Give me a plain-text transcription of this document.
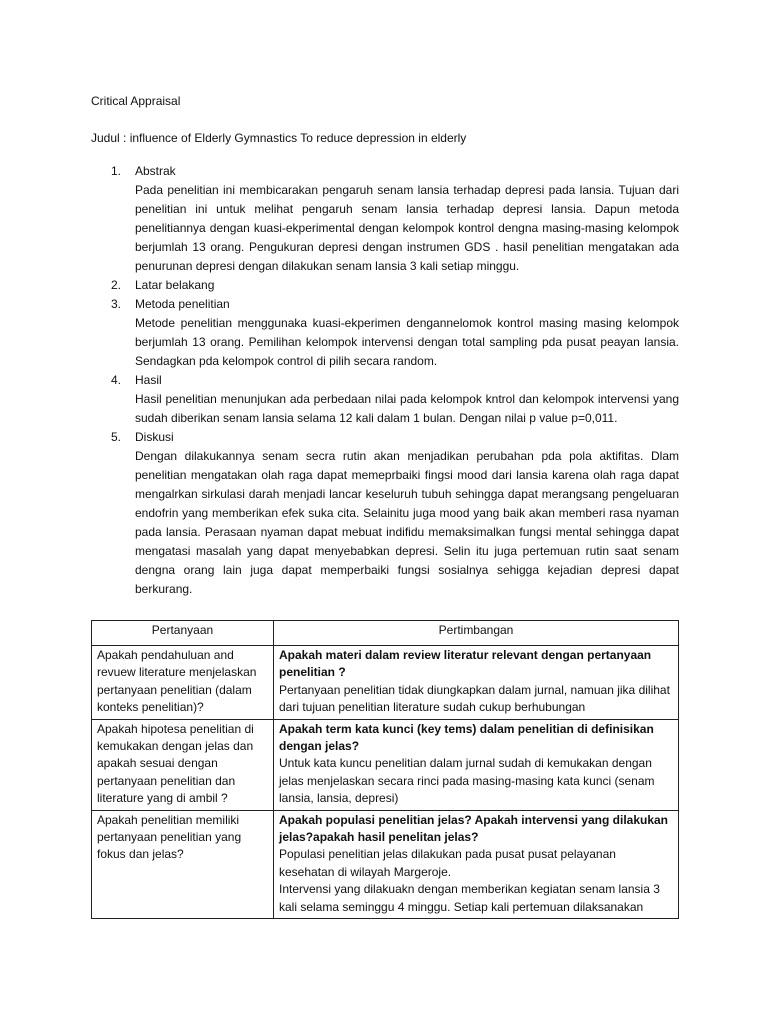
Critical Appraisal
Judul : influence of Elderly Gymnastics To reduce depression in elderly
1.	Abstrak
Pada penelitian ini membicarakan pengaruh senam lansia terhadap depresi pada lansia. Tujuan dari penelitian ini untuk melihat pengaruh senam lansia terhadap depresi lansia. Dapun metoda penelitiannya dengan kuasi-ekperimental dengan kelompok kontrol dengna masing-masing kelompok berjumlah 13 orang. Pengukuran depresi dengan instrumen GDS . hasil penelitian mengatakan ada penurunan depresi dengan dilakukan senam lansia 3 kali setiap minggu.
2.	Latar belakang
3.	Metoda penelitian
Metode penelitian menggunaka kuasi-ekperimen dengannelomok kontrol masing masing kelompok berjumlah 13 orang. Pemilihan kelompok intervensi dengan total sampling pda pusat peayan lansia. Sendagkan pda kelompok control di pilih secara random.
4.	Hasil
Hasil penelitian menunjukan ada perbedaan nilai pada kelompok kntrol dan kelompok intervensi yang sudah diberikan senam lansia selama 12 kali dalam 1 bulan. Dengan nilai p value p=0,011.
5.	Diskusi
Dengan dilakukannya senam secra rutin akan menjadikan perubahan pda pola aktifitas. Dlam penelitian mengatakan olah raga dapat memeprbaiki fingsi mood dari lansia karena olah raga dapat mengalrkan sirkulasi darah menjadi lancar keseluruh tubuh sehingga dapat merangsang pengeluaran endofrin yang memberikan efek suka cita. Selainitu juga mood yang baik akan memberi rasa nyaman pada lansia. Perasaan nyaman dapat mebuat indifidu memaksimalkan fungsi mental sehingga dapat mengatasi masalah yang dapat menyebabkan depresi. Selin itu juga pertemuan rutin saat senam dengna orang lain juga dapat memperbaiki fungsi sosialnya sehigga kejadian depresi dapat berkurang.
Pertanyaan	Pertimbangan
Apakah pendahuluan and revuew literature menjelaskan pertanyaan penelitian (dalam konteks penelitian)?	Apakah materi dalam review literatur relevant dengan pertanyaan penelitian ?
Pertanyaan penelitian tidak diungkapkan dalam jurnal, namuan jika dilihat dari tujuan penelitian literature sudah cukup berhubungan

Apakah hipotesa penelitian di kemukakan dengan jelas dan apakah sesuai dengan pertanyaan penelitian dan literature yang di ambil ?	Apakah term kata kunci (key tems) dalam penelitian di definisikan dengan jelas?
Untuk kata kuncu penelitian dalam jurnal sudah di kemukakan dengan jelas menjelaskan secara rinci pada masing-masing kata kunci (senam lansia, lansia, depresi)

Apakah penelitian memiliki pertanyaan penelitian yang fokus dan jelas?	Apakah populasi penelitian jelas? Apakah intervensi yang dilakukan jelas?apakah hasil penelitan jelas?
Populasi penelitian jelas dilakukan pada pusat pusat pelayanan kesehatan di wilayah Margeroje.
Intervensi yang dilakuakn dengan memberikan kegiatan senam lansia 3 kali selama seminggu 4 minggu. Setiap kali pertemuan dilaksanakan
